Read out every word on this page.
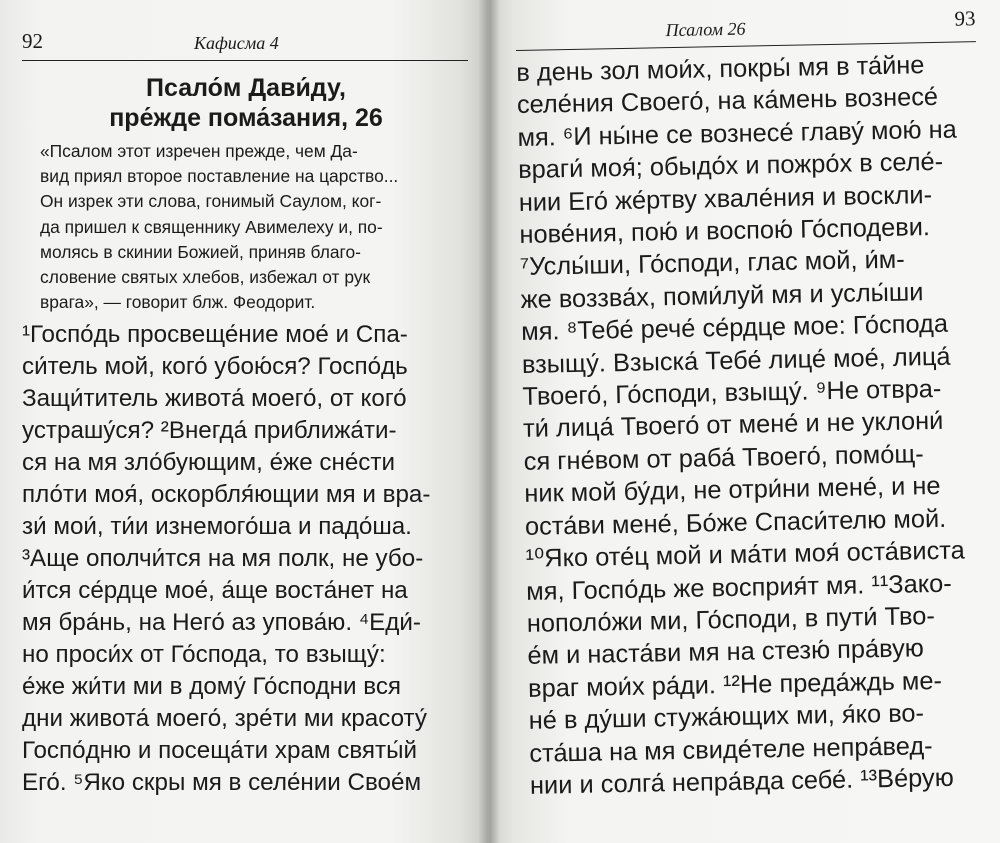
92	Кафисма 4
Псало́м Дави́ду,
пре́жде пома́зания, 26
«Псалом этот изречен прежде, чем Да-
вид приял второе поставление на царство...
Он изрек эти слова, гонимый Саулом, ког-
да пришел к священнику Авимелеху и, по-
молясь в скинии Божией, приняв благо-
словение святых хлебов, избежал от рук
врага», — говорит блж. Феодорит.
¹Госпо́дь просвеще́ние мое́ и Спа-
си́тель мой, кого́ убою́ся? Госпо́дь
Защи́титель живота́ моего́, от кого́
устрашу́ся? ²Внегда́ приближа́ти-
ся на мя зло́бующим, е́же сне́сти
пло́ти моя́, оскорбля́ющии мя и вра-
зи́ мои́, ти́и изнемого́ша и падо́ша.
³Аще ополчи́тся на мя полк, не убо-
и́тся се́рдце мое́, а́ще воста́нет на
мя бра́нь, на Него́ аз упова́ю. ⁴Еди́-
но проси́х от Го́спода, то взыщу́:
е́же жи́ти ми в дому́ Го́сподни вся
дни живота́ моего́, зре́ти ми красоту́
Госпо́дню и посеща́ти храм святы́й
Его́. ⁵Яко скры мя в селе́нии Свое́м
Псалом 26	93
в день зол мои́х, покры́ мя в та́йне
селе́ния Своего́, на ка́мень вознесе́
мя. ⁶И ны́не се вознесе́ главу́ мою́ на
враги́ моя́; обыдо́х и пожро́х в селе́-
нии Его́ же́ртву хвале́ния и воскли-
нове́ния, пою́ и воспою́ Го́сподеви.
⁷Услы́ши, Го́споди, глас мой, и́м-
же воззва́х, поми́луй мя и услы́ши
мя. ⁸Тебе́ рече́ се́рдце мое: Го́спода
взыщу́. Взыска́ Тебе́ лице́ мое́, лица́
Твоего́, Го́споди, взыщу́. ⁹Не отвра-
ти́ лица́ Твоего́ от мене́ и не уклони́
ся гне́вом от раба́ Твоего́, помо́щ-
ник мой бу́ди, не отри́ни мене́, и не
оста́ви мене́, Бо́же Спаси́телю мой.
¹⁰Яко оте́ц мой и ма́ти моя́ оста́виста
мя, Госпо́дь же восприя́т мя. ¹¹Зако-
нополо́жи ми, Го́споди, в пути́ Тво-
е́м и наста́ви мя на стезю́ пра́вую
враг мои́х ра́ди. ¹²Не преда́ждь ме-
не́ в ду́ши стужа́ющих ми, я́ко во-
ста́ша на мя свиде́теле непра́вед-
нии и солга́ непра́вда себе́. ¹³Ве́рую
